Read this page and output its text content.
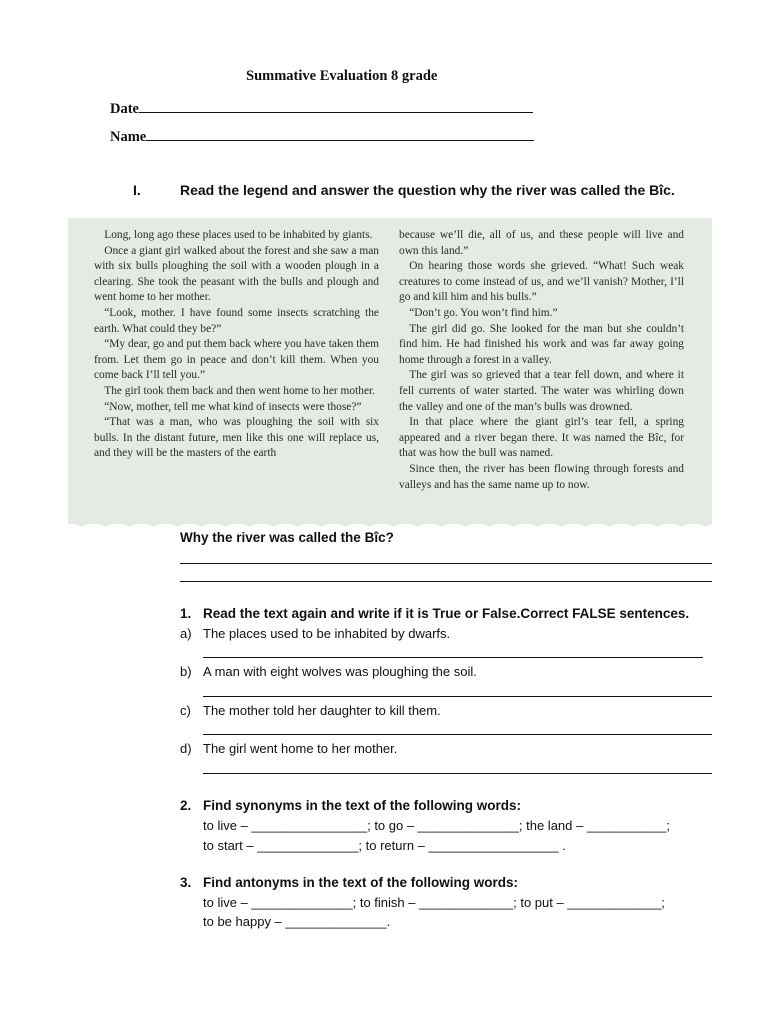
Summative Evaluation 8 grade
Date
Name
I.	Read the legend and answer the question why the river was called the Bîc.

Long, long ago these places used to be inhabited by giants.

Once a giant girl walked about the forest and she saw a man with six bulls ploughing the soil with a wooden plough in a clearing. She took the peasant with the bulls and plough and went home to her mother.

“Look, mother. I have found some insects scratching the earth. What could they be?”

“My dear, go and put them back where you have taken them from. Let them go in peace and don’t kill them. When you come back I’ll tell you.”

The girl took them back and then went home to her mother.

“Now, mother, tell me what kind of insects were those?”

“That was a man, who was ploughing the soil with six bulls. In the distant future, men like this one will replace us, and they will be the masters of the earth

because we’ll die, all of us, and these people will live and own this land.”

On hearing those words she grieved. “What! Such weak creatures to come instead of us, and we’ll vanish? Mother, I’ll go and kill him and his bulls.”

“Don’t go. You won’t find him.”

The girl did go. She looked for the man but she couldn’t find him. He had finished his work and was far away going home through a forest in a valley.

The girl was so grieved that a tear fell down, and where it fell currents of water started. The water was whirling down the valley and one of the man’s bulls was drowned.

In that place where the giant girl’s tear fell, a spring appeared and a river began there. It was named the Bîc, for that was how the bull was named.

Since then, the river has been flowing through forests and valleys and has the same name up to now.

Why the river was called the Bîc?
1. Read the text again and write if it is True or False.Correct FALSE sentences.
a) The places used to be inhabited by dwarfs.
b) A man with eight wolves was ploughing the soil.
c) The mother told her daughter to kill them.
d) The girl went home to her mother.
2. Find synonyms in the text of the following words:
to live – ________________; to go – ______________; the land – ___________;
to start – ______________; to return – __________________ .
3. Find antonyms in the text of the following words:
to live – ______________; to finish – _____________; to put – _____________;
to be happy – ______________.
